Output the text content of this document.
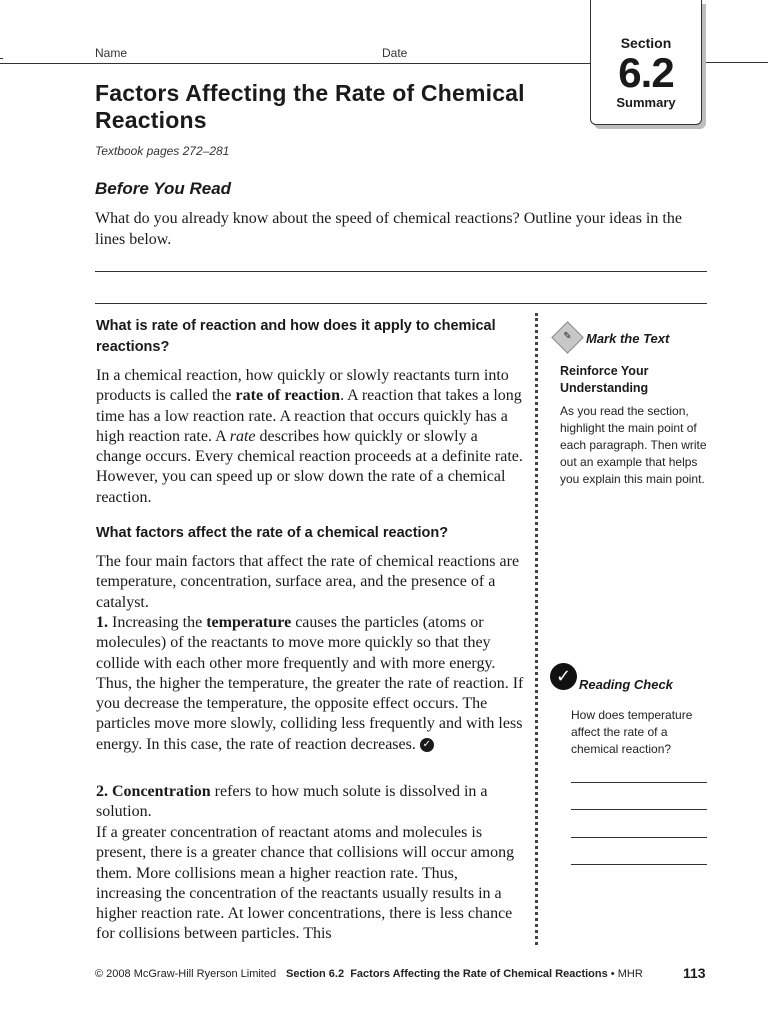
Name	Date
Section
6.2
Summary
Factors Affecting the Rate of Chemical Reactions
Textbook pages 272–281
Before You Read
What do you already know about the speed of chemical reactions? Outline your ideas in the lines below.
What is rate of reaction and how does it apply to chemical reactions?
In a chemical reaction, how quickly or slowly reactants turn into products is called the rate of reaction. A reaction that takes a long time has a low reaction rate. A reaction that occurs quickly has a high reaction rate. A rate describes how quickly or slowly a change occurs. Every chemical reaction proceeds at a definite rate. However, you can speed up or slow down the rate of a chemical reaction.
What factors affect the rate of a chemical reaction?
The four main factors that affect the rate of chemical reactions are temperature, concentration, surface area, and the presence of a catalyst.
1. Increasing the temperature causes the particles (atoms or molecules) of the reactants to move more quickly so that they collide with each other more frequently and with more energy. Thus, the higher the temperature, the greater the rate of reaction. If you decrease the temperature, the opposite effect occurs. The particles move more slowly, colliding less frequently and with less energy. In this case, the rate of reaction decreases. ✓
2. Concentration refers to how much solute is dissolved in a solution.
If a greater concentration of reactant atoms and molecules is present, there is a greater chance that collisions will occur among them. More collisions mean a higher reaction rate. Thus, increasing the concentration of the reactants usually results in a higher reaction rate. At lower concentrations, there is less chance for collisions between particles. This
✎	Mark the Text
Reinforce Your Understanding
As you read the section, highlight the main point of each paragraph. Then write out an example that helps you explain this main point.
✓ Reading Check
How does temperature affect the rate of a chemical reaction?
© 2008 McGraw-Hill Ryerson Limited Section 6.2 Factors Affecting the Rate of Chemical Reactions • MHR	113
